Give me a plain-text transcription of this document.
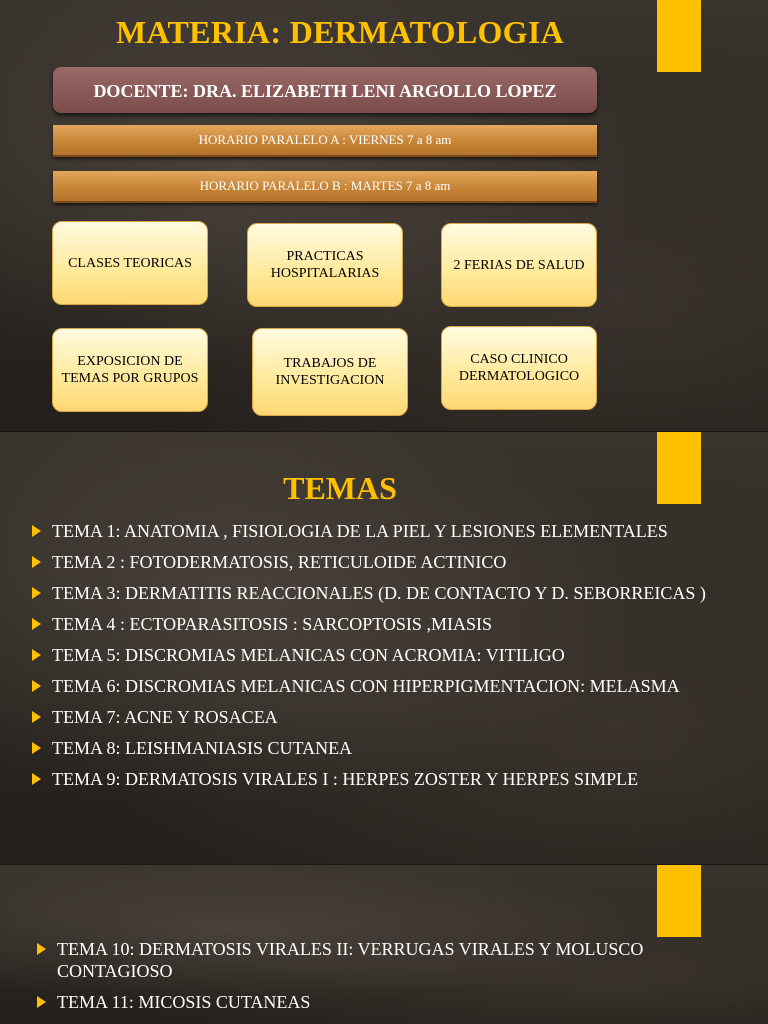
MATERIA: DERMATOLOGIA
DOCENTE: DRA. ELIZABETH LENI ARGOLLO LOPEZ
HORARIO PARALELO A : VIERNES 7 a 8 am
HORARIO PARALELO B : MARTES 7 a 8 am
CLASES TEORICAS	PRACTICAS HOSPITALARIAS
2 FERIAS DE SALUD
EXPOSICION DE TEMAS POR GRUPOS
TRABAJOS DE INVESTIGACION
CASO CLINICO DERMATOLOGICO
TEMAS
TEMA 1: ANATOMIA , FISIOLOGIA DE LA PIEL Y LESIONES ELEMENTALES
TEMA 2 : FOTODERMATOSIS, RETICULOIDE ACTINICO
TEMA 3: DERMATITIS REACCIONALES (D. DE CONTACTO Y D. SEBORREICAS )
TEMA 4 : ECTOPARASITOSIS : SARCOPTOSIS ,MIASIS
TEMA 5: DISCROMIAS MELANICAS CON ACROMIA: VITILIGO
TEMA 6: DISCROMIAS MELANICAS CON HIPERPIGMENTACION: MELASMA
TEMA 7: ACNE Y ROSACEA
TEMA 8: LEISHMANIASIS CUTANEA
TEMA 9: DERMATOSIS VIRALES I : HERPES ZOSTER Y HERPES SIMPLE
TEMA 10: DERMATOSIS VIRALES II: VERRUGAS VIRALES Y MOLUSCO CONTAGIOSO
TEMA 11: MICOSIS CUTANEAS
